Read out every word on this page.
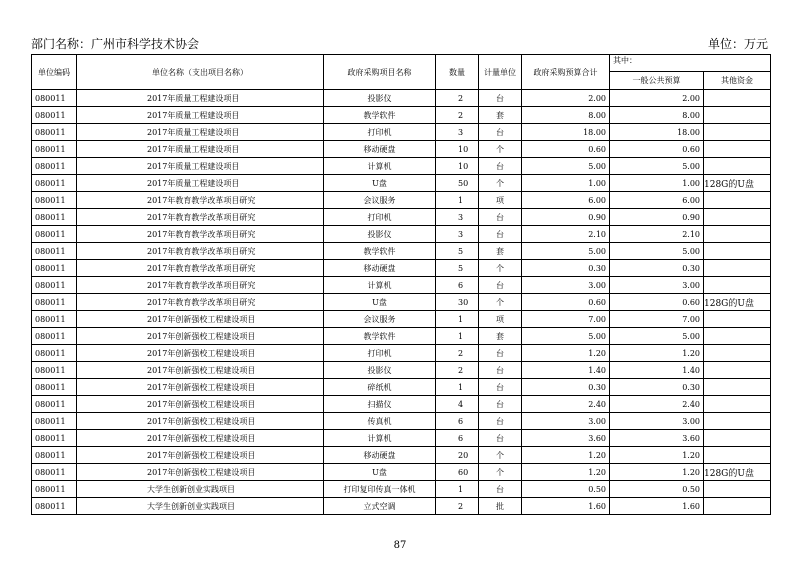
部门名称：广州市科学技术协会	单位：万元
单位编码	单位名称（支出项目名称）	政府采购项目名称	数量	计量单位	政府采购预算合计	其中：	
						一般公共预算	其他资金
080011	2017年质量工程建设项目	投影仪	2	台	2.00	2.00	
080011	2017年质量工程建设项目	教学软件	2	套	8.00	8.00	
080011	2017年质量工程建设项目	打印机	3	台	18.00	18.00	
080011	2017年质量工程建设项目	移动硬盘	10	个	0.60	0.60	
080011	2017年质量工程建设项目	计算机	10	台	5.00	5.00	
080011	2017年质量工程建设项目	U盘	50	个	1.00	1.00	128G的U盘
080011	2017年教育教学改革项目研究	会议服务	1	项	6.00	6.00	
080011	2017年教育教学改革项目研究	打印机	3	台	0.90	0.90	
080011	2017年教育教学改革项目研究	投影仪	3	台	2.10	2.10	
080011	2017年教育教学改革项目研究	教学软件	5	套	5.00	5.00	
080011	2017年教育教学改革项目研究	移动硬盘	5	个	0.30	0.30	
080011	2017年教育教学改革项目研究	计算机	6	台	3.00	3.00	
080011	2017年教育教学改革项目研究	U盘	30	个	0.60	0.60	128G的U盘
080011	2017年创新强校工程建设项目	会议服务	1	项	7.00	7.00	
080011	2017年创新强校工程建设项目	教学软件	1	套	5.00	5.00	
080011	2017年创新强校工程建设项目	打印机	2	台	1.20	1.20	
080011	2017年创新强校工程建设项目	投影仪	2	台	1.40	1.40	
080011	2017年创新强校工程建设项目	碎纸机	1	台	0.30	0.30	
080011	2017年创新强校工程建设项目	扫描仪	4	台	2.40	2.40	
080011	2017年创新强校工程建设项目	传真机	6	台	3.00	3.00	
080011	2017年创新强校工程建设项目	计算机	6	台	3.60	3.60	
080011	2017年创新强校工程建设项目	移动硬盘	20	个	1.20	1.20	
080011	2017年创新强校工程建设项目	U盘	60	个	1.20	1.20	128G的U盘
080011	大学生创新创业实践项目	打印复印传真一体机	1	台	0.50	0.50	
080011	大学生创新创业实践项目	立式空调	2	批	1.60	1.60	
87
